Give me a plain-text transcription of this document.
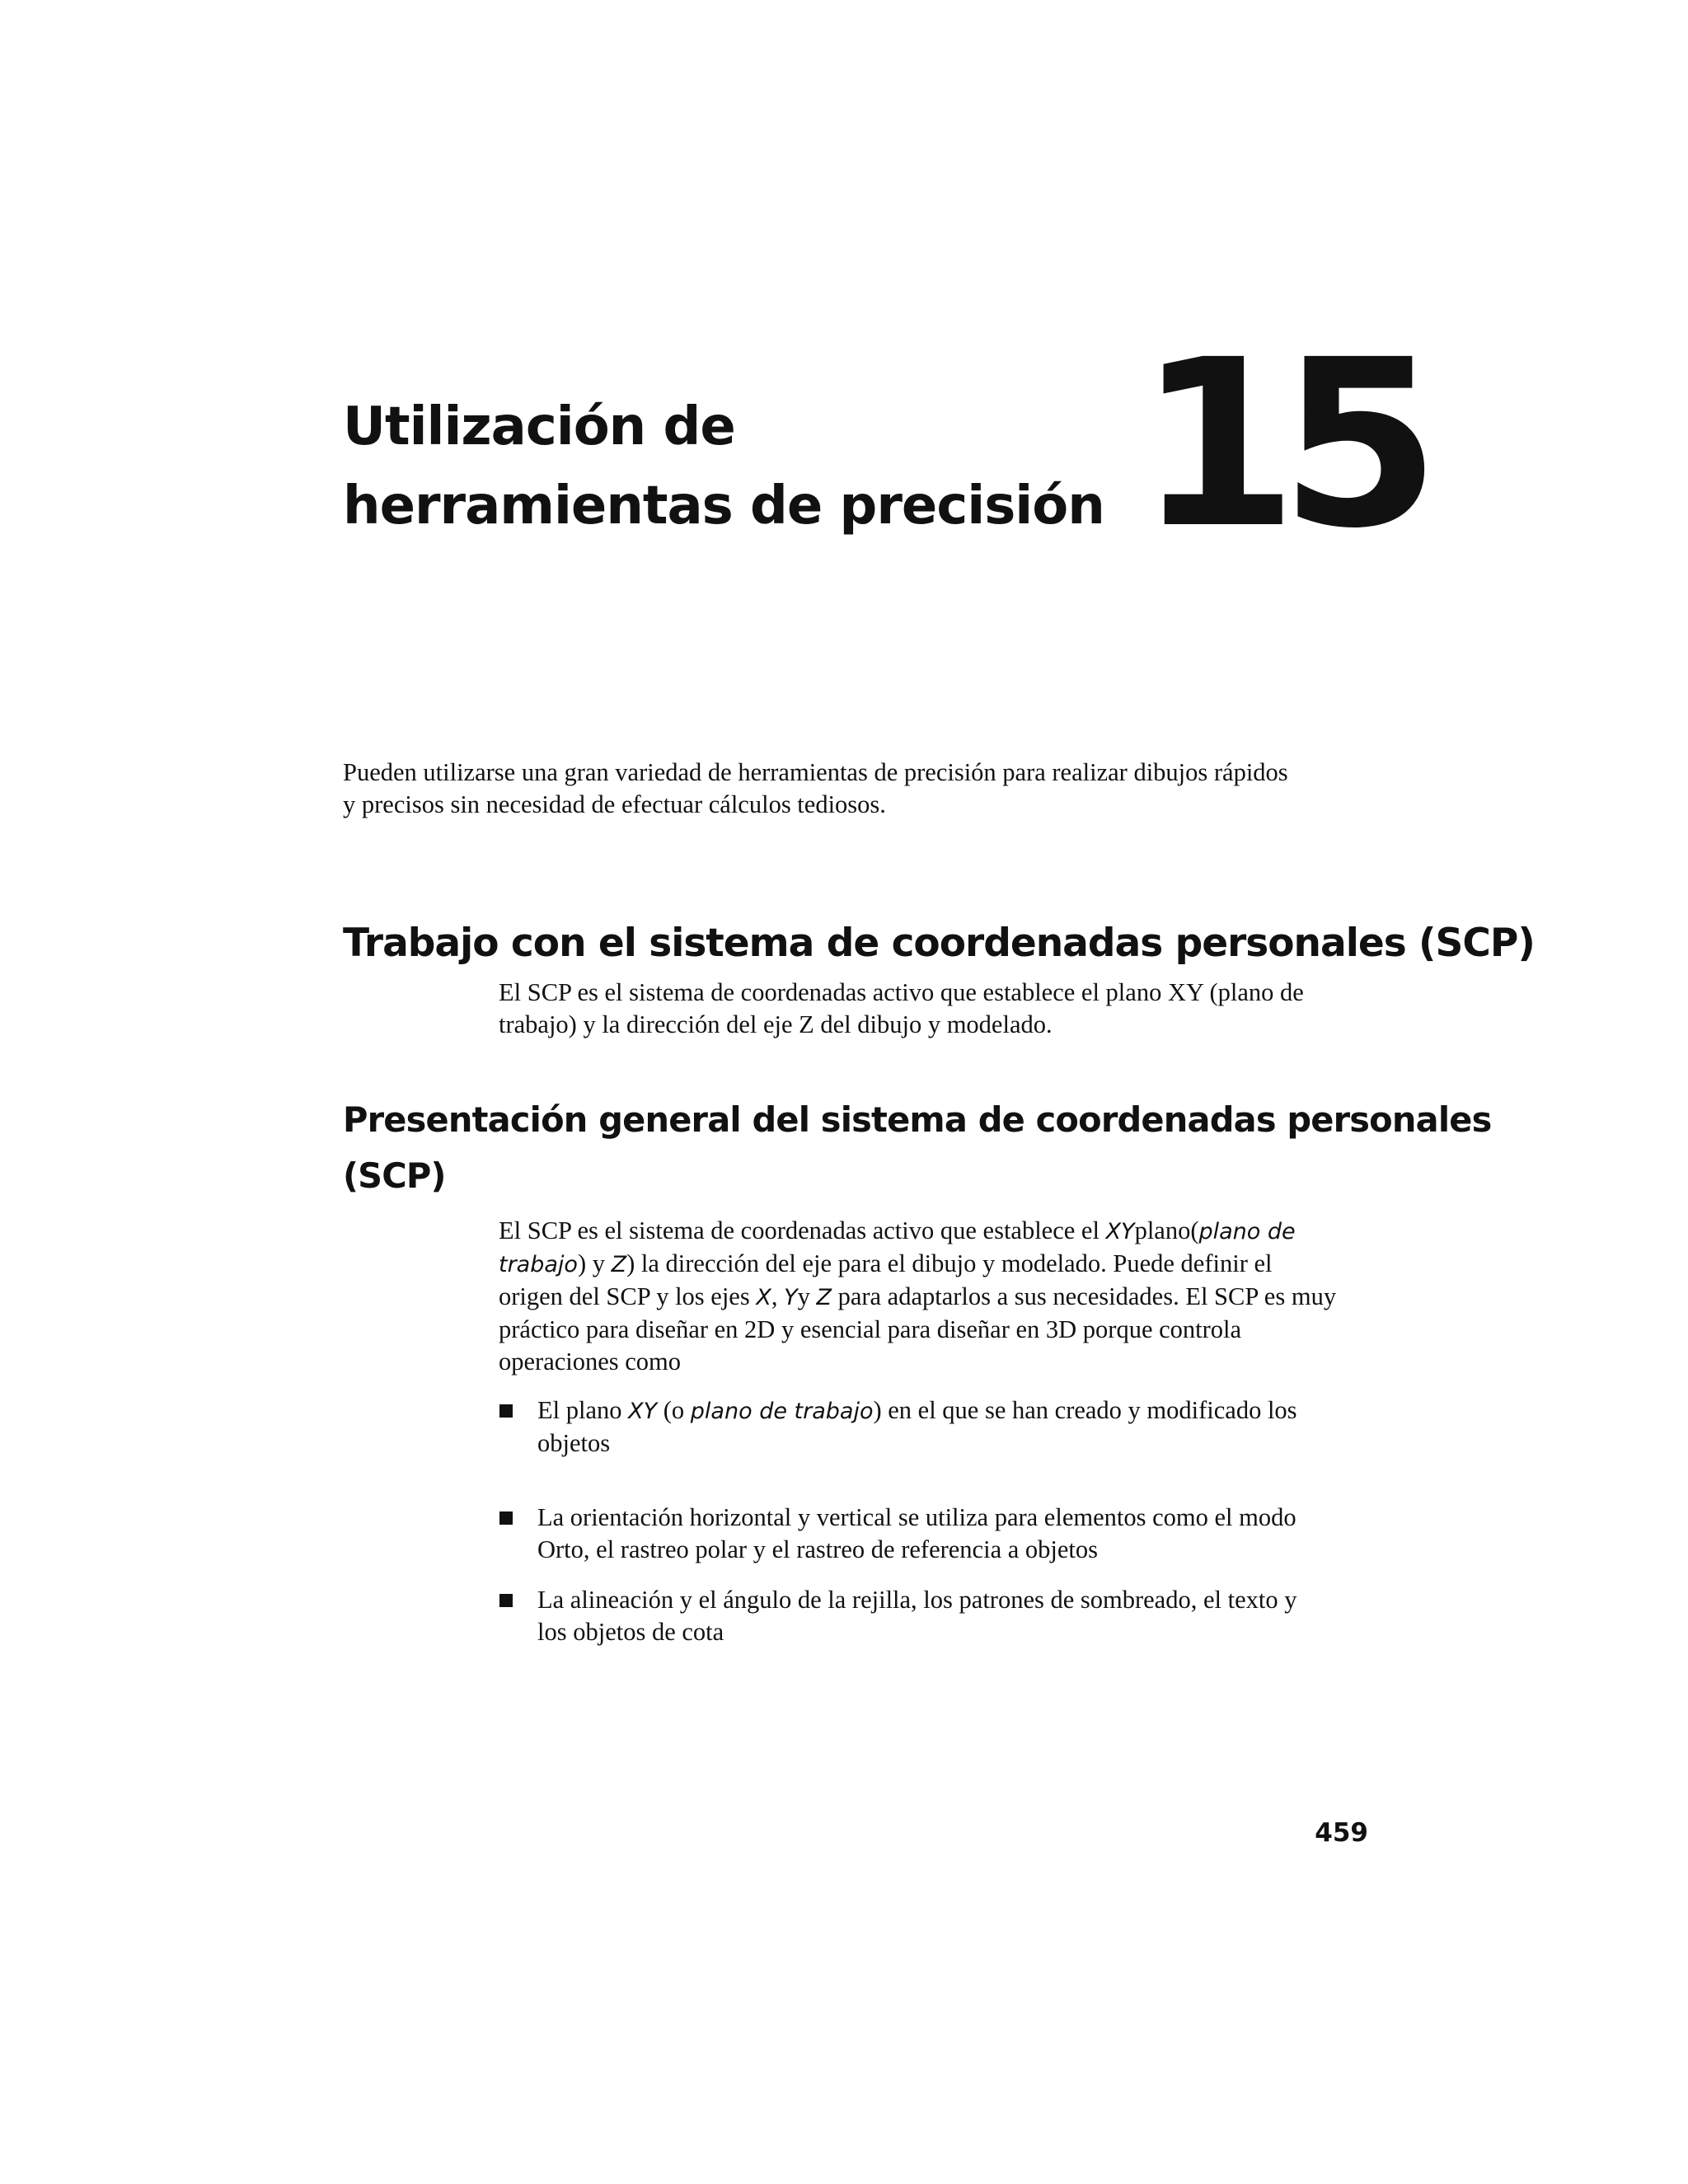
Utilización de
herramientas de precisión 15

Pueden utilizarse una gran variedad de herramientas de precisión para realizar dibujos rápidos
y precisos sin necesidad de efectuar cálculos tediosos.

Trabajo con el sistema de coordenadas personales (SCP)

El SCP es el sistema de coordenadas activo que establece el plano XY (plano de
trabajo) y la dirección del eje Z del dibujo y modelado.

Presentación general del sistema de coordenadas personales
(SCP)

El SCP es el sistema de coordenadas activo que establece el XYplano(plano de
trabajo) y Z) la dirección del eje para el dibujo y modelado. Puede definir el
origen del SCP y los ejes X, Yy Z para adaptarlos a sus necesidades. El SCP es muy
práctico para diseñar en 2D y esencial para diseñar en 3D porque controla
operaciones como

El plano XY (o plano de trabajo) en el que se han creado y modificado los
objetos
La orientación horizontal y vertical se utiliza para elementos como el modo
Orto, el rastreo polar y el rastreo de referencia a objetos
La alineación y el ángulo de la rejilla, los patrones de sombreado, el texto y
los objetos de cota
459
